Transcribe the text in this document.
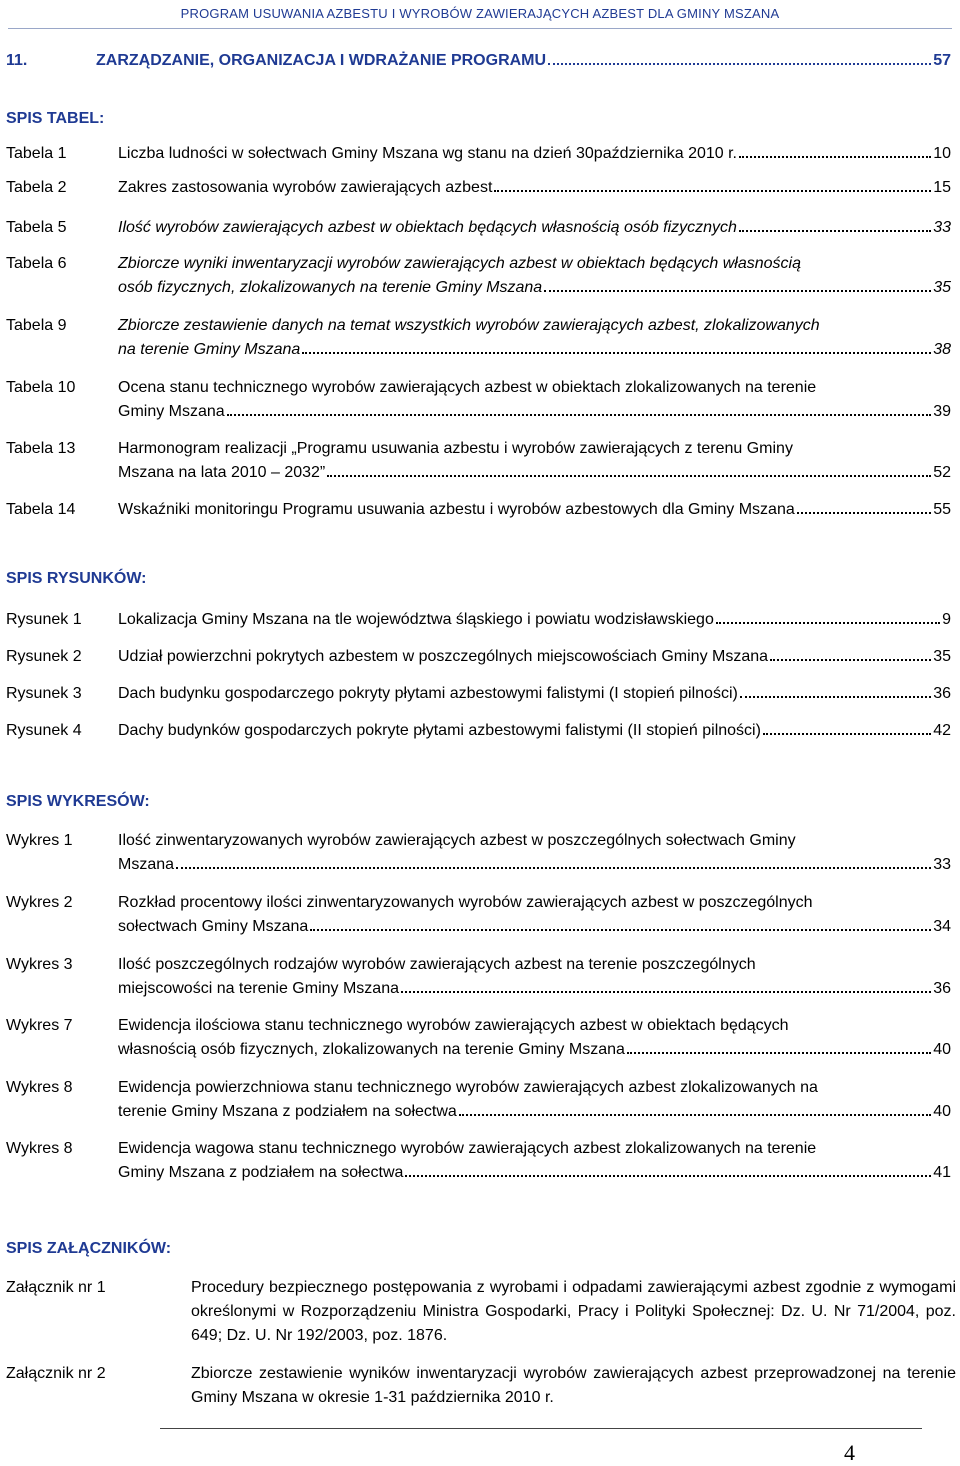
PROGRAM USUWANIA AZBESTU I WYROBÓW ZAWIERAJĄCYCH AZBEST DLA GMINY MSZANA
11.	ZARZĄDZANIE, ORGANIZACJA I WDRAŻANIE PROGRAMU	57
SPIS TABEL:
Tabela 1	Liczba ludności w sołectwach Gminy Mszana wg stanu na dzień 30października 2010 r.	10
Tabela 2	Zakres zastosowania wyrobów zawierających azbest	15
Tabela 5	Ilość wyrobów zawierających azbest w obiektach będących własnością osób fizycznych	33
Tabela 6	Zbiorcze wyniki inwentaryzacji wyrobów zawierających azbest w obiektach będących własnością
osób fizycznych, zlokalizowanych na terenie Gminy Mszana	35
Tabela 9	Zbiorcze zestawienie danych na temat wszystkich wyrobów zawierających azbest, zlokalizowanych
na terenie Gminy Mszana	38
Tabela 10	Ocena stanu technicznego wyrobów zawierających azbest w obiektach zlokalizowanych na terenie
Gminy Mszana	39
Tabela 13	Harmonogram realizacji „Programu usuwania azbestu i wyrobów zawierających z terenu Gminy
Mszana na lata 2010 – 2032”	52
Tabela 14	Wskaźniki monitoringu Programu usuwania azbestu i wyrobów azbestowych dla Gminy Mszana	55
SPIS RYSUNKÓW:
Rysunek 1	Lokalizacja Gminy Mszana na tle województwa śląskiego i powiatu wodzisławskiego	9
Rysunek 2	Udział powierzchni pokrytych azbestem w poszczególnych miejscowościach Gminy Mszana	35
Rysunek 3	Dach budynku gospodarczego pokryty płytami azbestowymi falistymi (I stopień pilności)	36
Rysunek 4	Dachy budynków gospodarczych pokryte płytami azbestowymi falistymi (II stopień pilności)	42
SPIS WYKRESÓW:
Wykres 1	Ilość zinwentaryzowanych wyrobów zawierających azbest w poszczególnych sołectwach Gminy
Mszana	33
Wykres 2	Rozkład procentowy ilości zinwentaryzowanych wyrobów zawierających azbest w poszczególnych
sołectwach Gminy Mszana	34
Wykres 3	Ilość poszczególnych rodzajów wyrobów zawierających azbest na terenie poszczególnych
miejscowości na terenie Gminy Mszana	36
Wykres 7	Ewidencja ilościowa stanu technicznego wyrobów zawierających azbest w obiektach będących
własnością osób fizycznych, zlokalizowanych na terenie Gminy Mszana	40
Wykres 8	Ewidencja powierzchniowa stanu technicznego wyrobów zawierających azbest zlokalizowanych na
terenie Gminy Mszana z podziałem na sołectwa	40
Wykres 8	Ewidencja wagowa stanu technicznego wyrobów zawierających azbest zlokalizowanych na terenie
Gminy Mszana z podziałem na sołectwa	41
SPIS ZAŁĄCZNIKÓW:
Załącznik nr 1	Procedury bezpiecznego postępowania z wyrobami i odpadami zawierającymi azbest zgodnie z wymogami określonymi w Rozporządzeniu Ministra Gospodarki, Pracy i Polityki Społecznej: Dz. U. Nr 71/2004, poz. 649; Dz. U. Nr 192/2003, poz. 1876.
Załącznik nr 2	Zbiorcze zestawienie wyników inwentaryzacji wyrobów zawierających azbest przeprowadzonej na terenie Gminy Mszana w okresie 1-31 października 2010 r.
4
